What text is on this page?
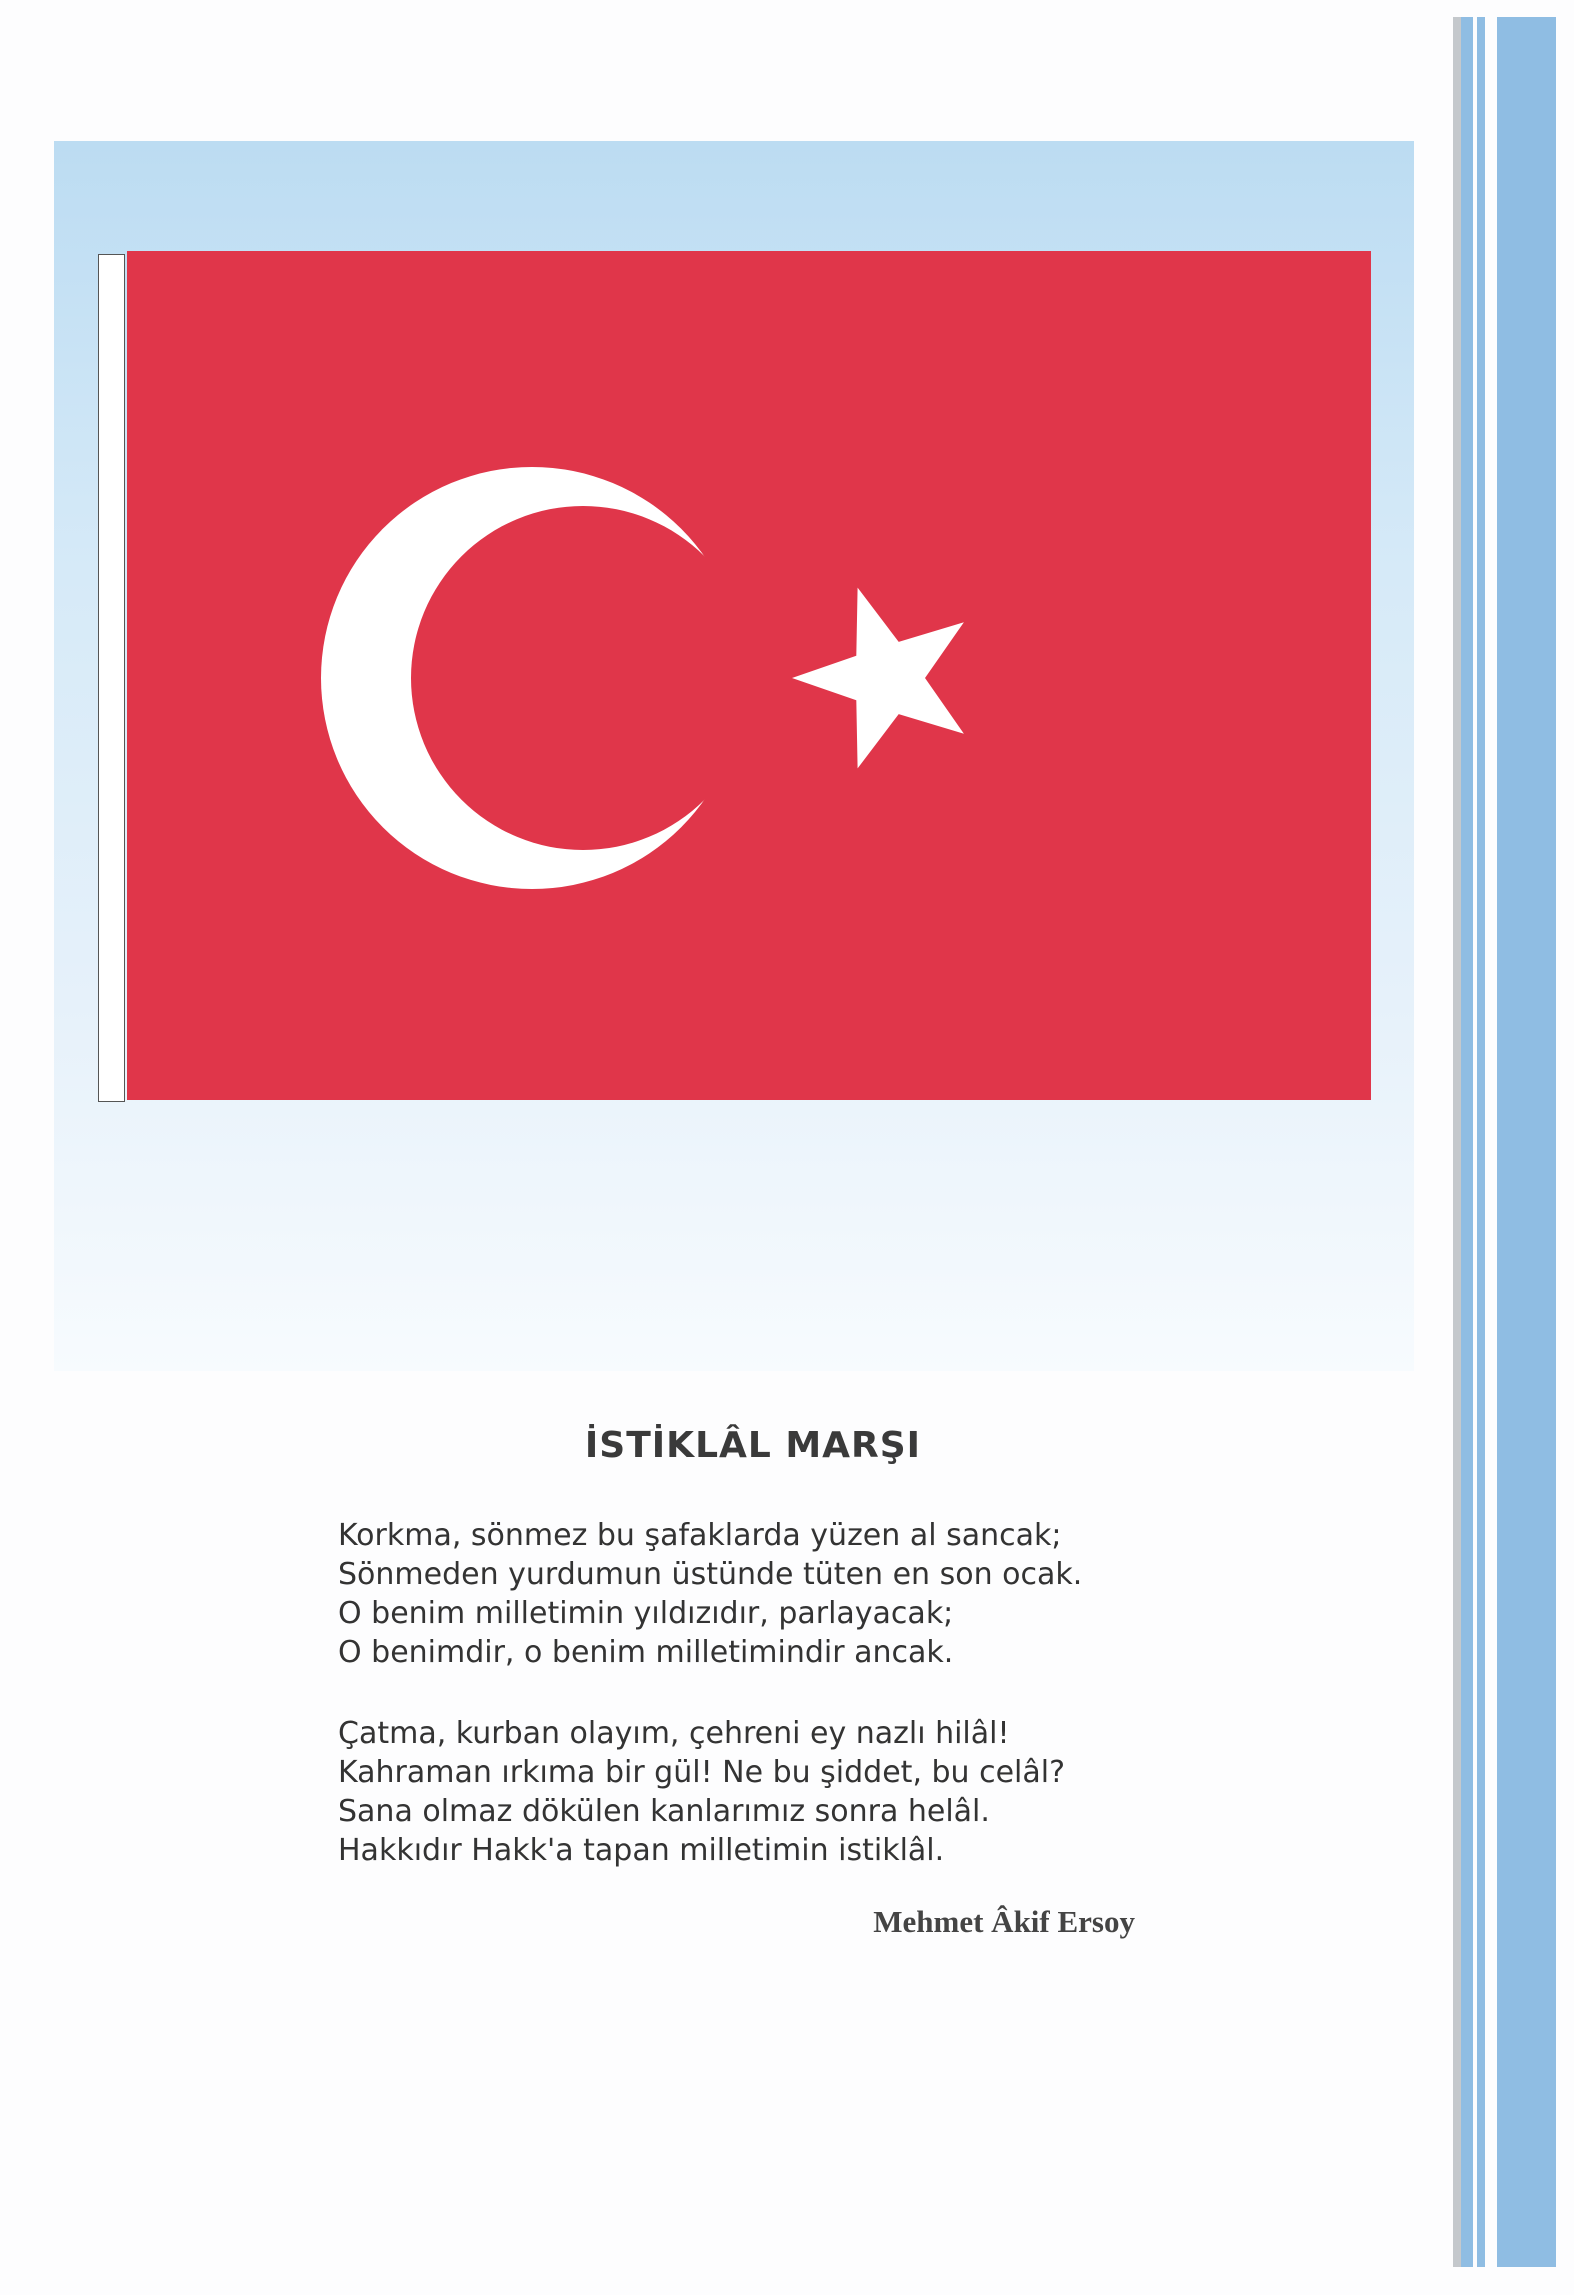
İSTİKLÂL MARŞI
Korkma, sönmez bu şafaklarda yüzen al sancak;
Sönmeden yurdumun üstünde tüten en son ocak.
O benim milletimin yıldızıdır, parlayacak;
O benimdir, o benim milletimindir ancak.
Çatma, kurban olayım, çehreni ey nazlı hilâl!
Kahraman ırkıma bir gül! Ne bu şiddet, bu celâl?
Sana olmaz dökülen kanlarımız sonra helâl.
Hakkıdır Hakk'a tapan milletimin istiklâl.
Mehmet Âkif Ersoy
